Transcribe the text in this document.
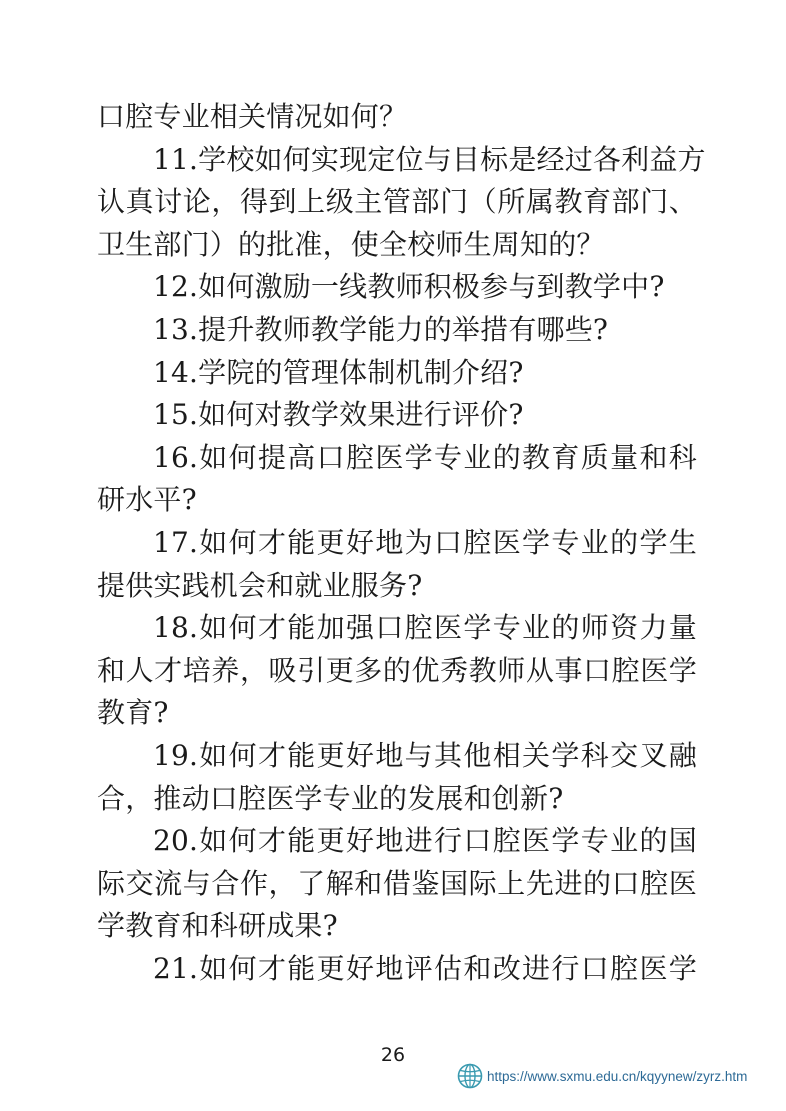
口腔专业相关情况如何？
11.学校如何实现定位与目标是经过各利益方
认真讨论，得到上级主管部门（所属教育部门、
卫生部门）的批准，使全校师生周知的？
12.如何激励一线教师积极参与到教学中?
13.提升教师教学能力的举措有哪些?
14.学院的管理体制机制介绍?
15.如何对教学效果进行评价?
16.如何提高口腔医学专业的教育质量和科
研水平?
17.如何才能更好地为口腔医学专业的学生
提供实践机会和就业服务?
18.如何才能加强口腔医学专业的师资力量
和人才培养，吸引更多的优秀教师从事口腔医学
教育?
19.如何才能更好地与其他相关学科交叉融
合，推动口腔医学专业的发展和创新?
20.如何才能更好地进行口腔医学专业的国
际交流与合作，了解和借鉴国际上先进的口腔医
学教育和科研成果?
21.如何才能更好地评估和改进行口腔医学
26
https://www.sxmu.edu.cn/kqyynew/zyrz.htm
